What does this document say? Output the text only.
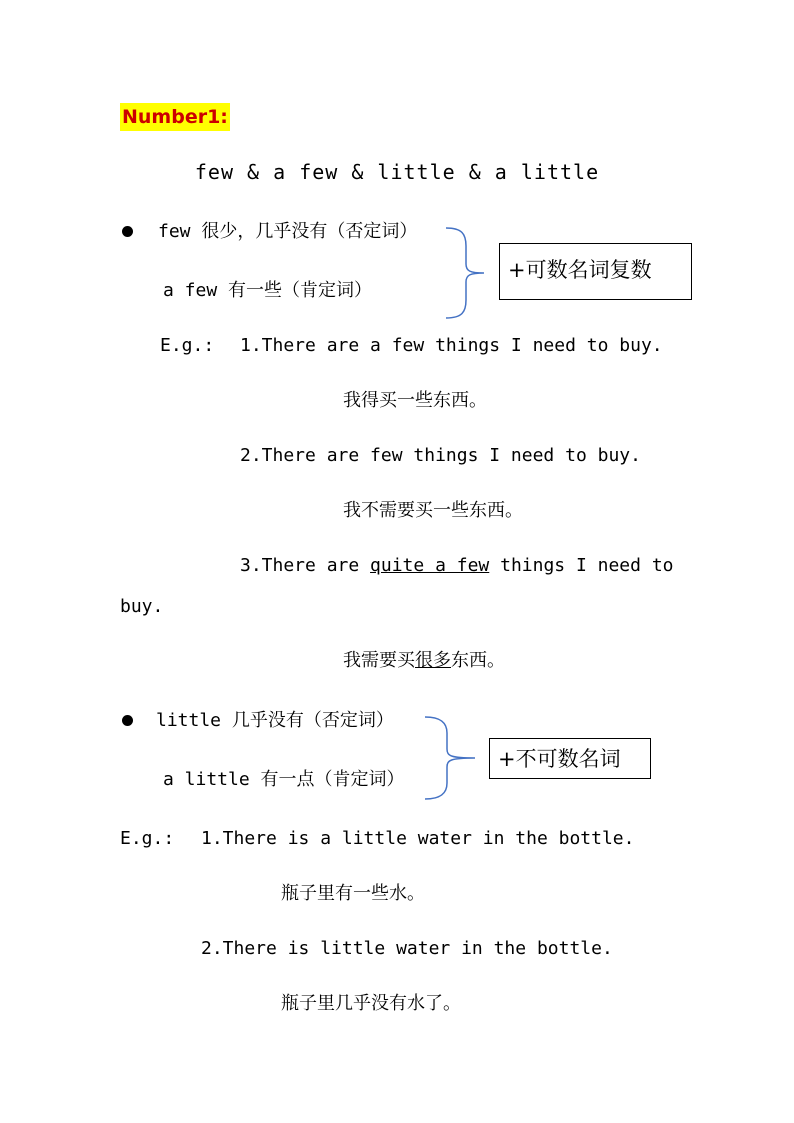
Number1:
few & a few & little & a little
few 很少，几乎没有（否定词）
a few 有一些（肯定词）
+可数名词复数
E.g.: 1.There are a few things I need to buy.
我得买一些东西。
2.There are few things I need to buy.
我不需要买一些东西。
3.There are quite a few things I need to
buy.
我需要买很多东西。
little 几乎没有（否定词）
a little 有一点（肯定词）
+不可数名词
E.g.: 1.There is a little water in the bottle.
瓶子里有一些水。
2.There is little water in the bottle.
瓶子里几乎没有水了。
